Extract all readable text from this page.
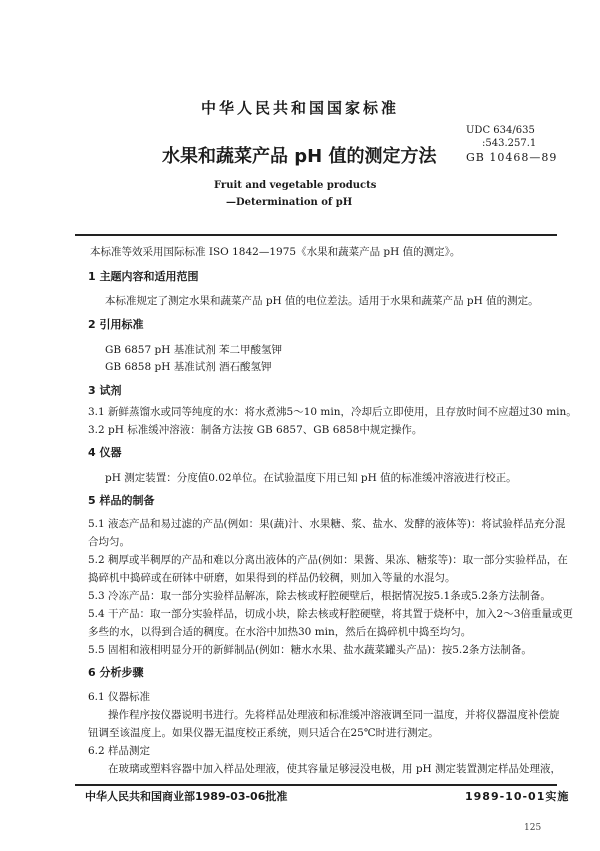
中华人民共和国国家标准
UDC 634/635
:543.257.1
水果和蔬菜产品 pH 值的测定方法	GB 10468—89
Fruit and vegetable products
—Determination of pH
本标准等效采用国际标准 ISO 1842—1975《水果和蔬菜产品 pH 值的测定》。
1 主题内容和适用范围
本标准规定了测定水果和蔬菜产品 pH 值的电位差法。适用于水果和蔬菜产品 pH 值的测定。
2 引用标准
GB 6857 pH 基准试剂 苯二甲酸氢钾
GB 6858 pH 基准试剂 酒石酸氢钾
3 试剂
3.1 新鲜蒸馏水或同等纯度的水：将水煮沸5～10 min，冷却后立即使用，且存放时间不应超过30 min。
3.2 pH 标准缓冲溶液：制备方法按 GB 6857、GB 6858中规定操作。
4 仪器
pH 测定装置：分度值0.02单位。在试验温度下用已知 pH 值的标准缓冲溶液进行校正。
5 样品的制备
5.1 液态产品和易过滤的产品(例如：果(蔬)汁、水果糖、浆、盐水、发酵的液体等)：将试验样品充分混
合均匀。
5.2 稠厚或半稠厚的产品和难以分离出液体的产品(例如：果酱、果冻、糖浆等)：取一部分实验样品，在
捣碎机中捣碎或在研钵中研磨，如果得到的样品仍较稠，则加入等量的水混匀。
5.3 冷冻产品：取一部分实验样品解冻，除去核或籽腔硬壁后，根据情况按5.1条或5.2条方法制备。
5.4 干产品：取一部分实验样品，切成小块，除去核或籽腔硬壁，将其置于烧杯中，加入2～3倍重量或更
多些的水，以得到合适的稠度。在水浴中加热30 min，然后在捣碎机中捣至均匀。
5.5 固相和液相明显分开的新鲜制品(例如：糖水水果、盐水蔬菜罐头产品)：按5.2条方法制备。
6 分析步骤
6.1 仪器标准
操作程序按仪器说明书进行。先将样品处理液和标准缓冲溶液调至同一温度，并将仪器温度补偿旋
钮调至该温度上。如果仪器无温度校正系统，则只适合在25℃时进行测定。
6.2 样品测定
在玻璃或塑料容器中加入样品处理液，使其容量足够浸没电极，用 pH 测定装置测定样品处理液，
中华人民共和国商业部1989-03-06批准	1989-10-01实施
125
